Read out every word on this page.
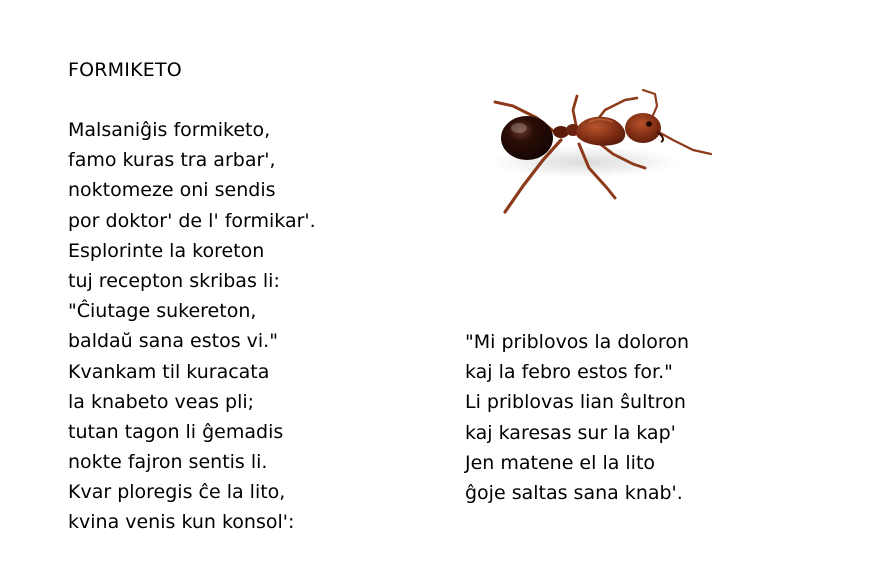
FORMIKETO
Malsaniĝis formiketo,
famo kuras tra arbar',
noktomeze oni sendis
por doktor' de l' formikar'.
Esplorinte la koreton
tuj recepton skribas li:
"Ĉiutage sukereton,
baldaŭ sana estos vi."
Kvankam til kuracata
la knabeto veas pli;
tutan tagon li ĝemadis
nokte fajron sentis li.
Kvar ploregis ĉe la lito,
kvina venis kun konsol':
"Mi priblovos la doloron
kaj la febro estos for."
Li priblovas lian ŝultron
kaj karesas sur la kap'
Jen matene el la lito
ĝoje saltas sana knab'.
